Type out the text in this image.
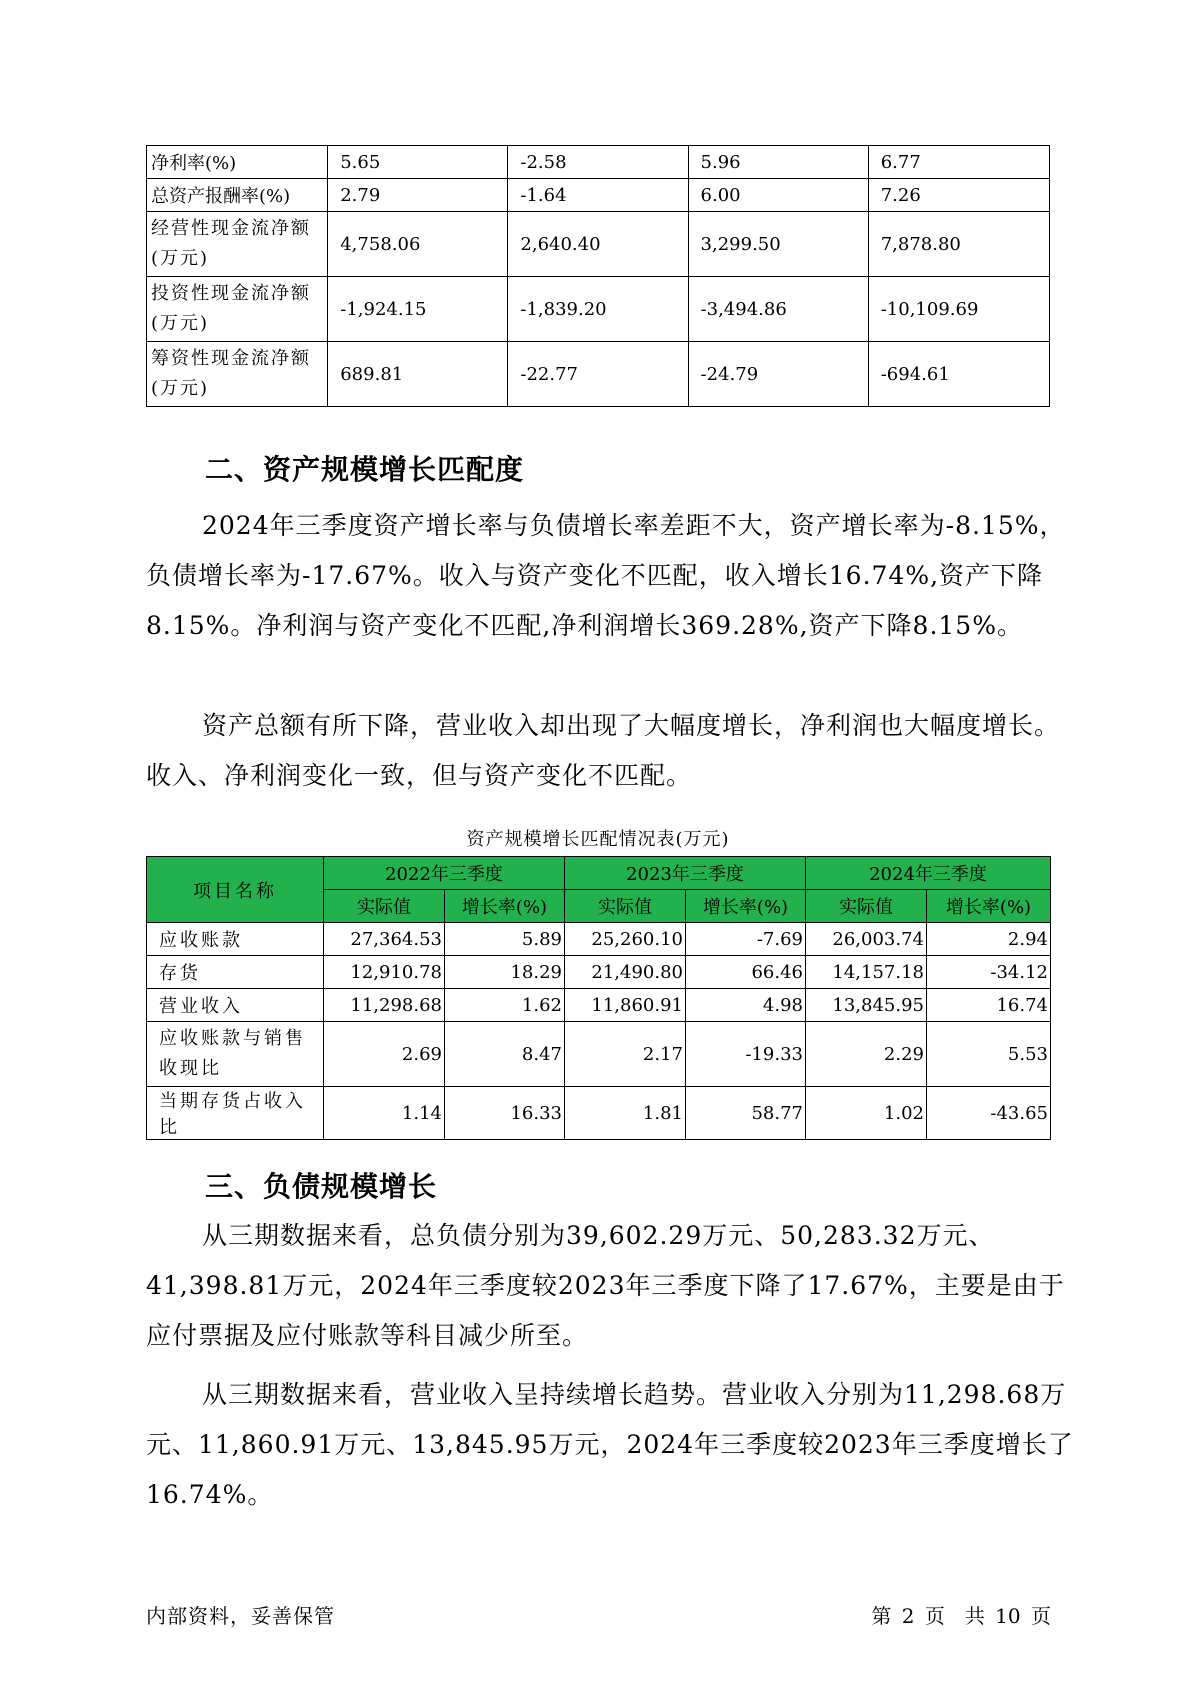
净利率(%)	5.65	-2.58	5.96	6.77
总资产报酬率(%)	2.79	-1.64	6.00	7.26

经营性现金流净额(万元)	4,758.06	2,640.40	3,299.50	7,878.80

投资性现金流净额(万元)	-1,924.15	-1,839.20	-3,494.86	-10,109.69

筹资性现金流净额(万元)	689.81	-22.77	-24.79	-694.61
二、资产规模增长匹配度
2024年三季度资产增长率与负债增长率差距不大，资产增长率为-8.15%，负债增长率为-17.67%。收入与资产变化不匹配，收入增长16.74%,资产下降8.15%。净利润与资产变化不匹配,净利润增长369.28%,资产下降8.15%。
资产总额有所下降，营业收入却出现了大幅度增长，净利润也大幅度增长。收入、净利润变化一致，但与资产变化不匹配。
资产规模增长匹配情况表(万元)
项目名称	2022年三季度		2023年三季度		2024年三季度	
	实际值	增长率(%)	实际值	增长率(%)	实际值	增长率(%)
应收账款	27,364.53	5.89	25,260.10	-7.69	26,003.74	2.94
存货	12,910.78	18.29	21,490.80	66.46	14,157.18	-34.12
营业收入	11,298.68	1.62	11,860.91	4.98	13,845.95	16.74

应收账款与销售收现比	2.69	8.47	2.17	-19.33	2.29	5.53
当期存货占收入比	1.14	16.33	1.81	58.77	1.02	-43.65
三、负债规模增长
从三期数据来看，总负债分别为39,602.29万元、50,283.32万元、41,398.81万元，2024年三季度较2023年三季度下降了17.67%，主要是由于应付票据及应付账款等科目减少所至。
从三期数据来看，营业收入呈持续增长趋势。营业收入分别为11,298.68万元、11,860.91万元、13,845.95万元，2024年三季度较2023年三季度增长了16.74%。
内部资料，妥善保管	第 2 页　共 10 页
